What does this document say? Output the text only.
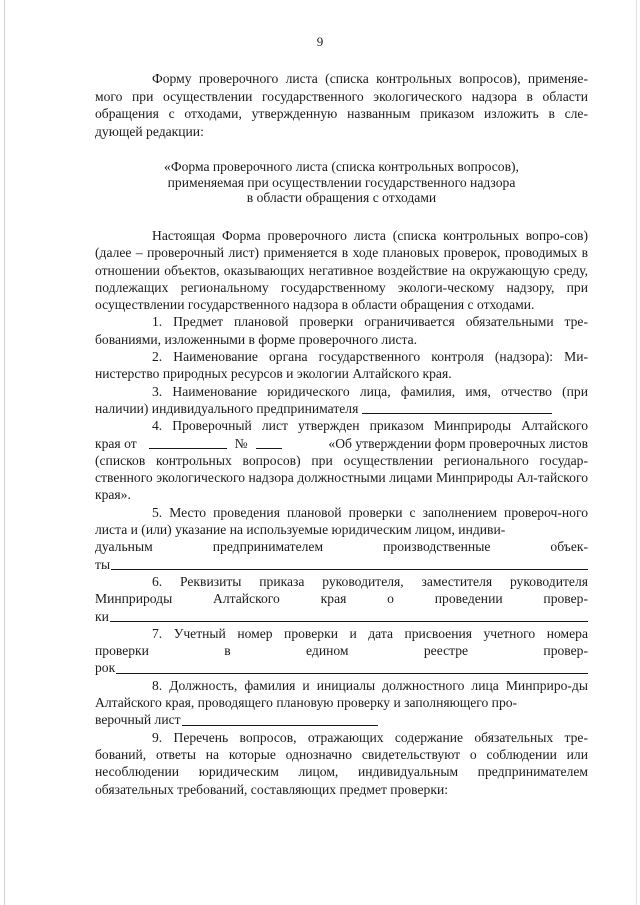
9

Форму проверочного листа (списка контрольных вопросов), применяе-

мого при осуществлении государственного экологического надзора в области

обращения с отходами, утвержденную названным приказом изложить в сле-

дующей редакции:

«Форма проверочного листа (списка контрольных вопросов),
применяемая при осуществлении государственного надзора
в области обращения с отходами

Настоящая Форма проверочного листа (списка контрольных вопро-сов) (далее – проверочный лист) применяется в ходе плановых проверок, проводимых в отношении объектов, оказывающих негативное воздействие на окружающую среду, подлежащих региональному государственному экологи-ческому надзору, при осуществлении государственного надзора в области обращения с отходами.

1. Предмет плановой проверки ограничивается обязательными тре-бованиями, изложенными в форме проверочного листа.

2. Наименование органа государственного контроля (надзора): Ми-нистерство природных ресурсов и экологии Алтайского края.

3. Наименование юридического лица, фамилия, имя, отчество (при

наличии) индивидуального предпринимателя

4. Проверочный лист утвержден приказом Минприроды Алтайского

края от	№	«Об утверждении форм проверочных листов

(списков контрольных вопросов) при осуществлении регионального государ-ственного экологического надзора должностными лицами Минприроды Ал-тайского края».

5. Место проведения плановой проверки с заполнением провероч-ного листа и (или) указание на используемые юридическим лицом, индиви-

дуальным предпринимателем производственные объек-

ты

6. Реквизиты приказа руководителя, заместителя руководителя

Минприроды Алтайского края о проведении провер-

ки

7. Учетный номер проверки и дата присвоения учетного номера

проверки в едином реестре провер-

рок

8. Должность, фамилия и инициалы должностного лица Минприро-ды Алтайского края, проводящего плановую проверку и заполняющего про-

верочный лист

9. Перечень вопросов, отражающих содержание обязательных тре-бований, ответы на которые однозначно свидетельствуют о соблюдении или несоблюдении юридическим лицом, индивидуальным предпринимателем обязательных требований, составляющих предмет проверки:
